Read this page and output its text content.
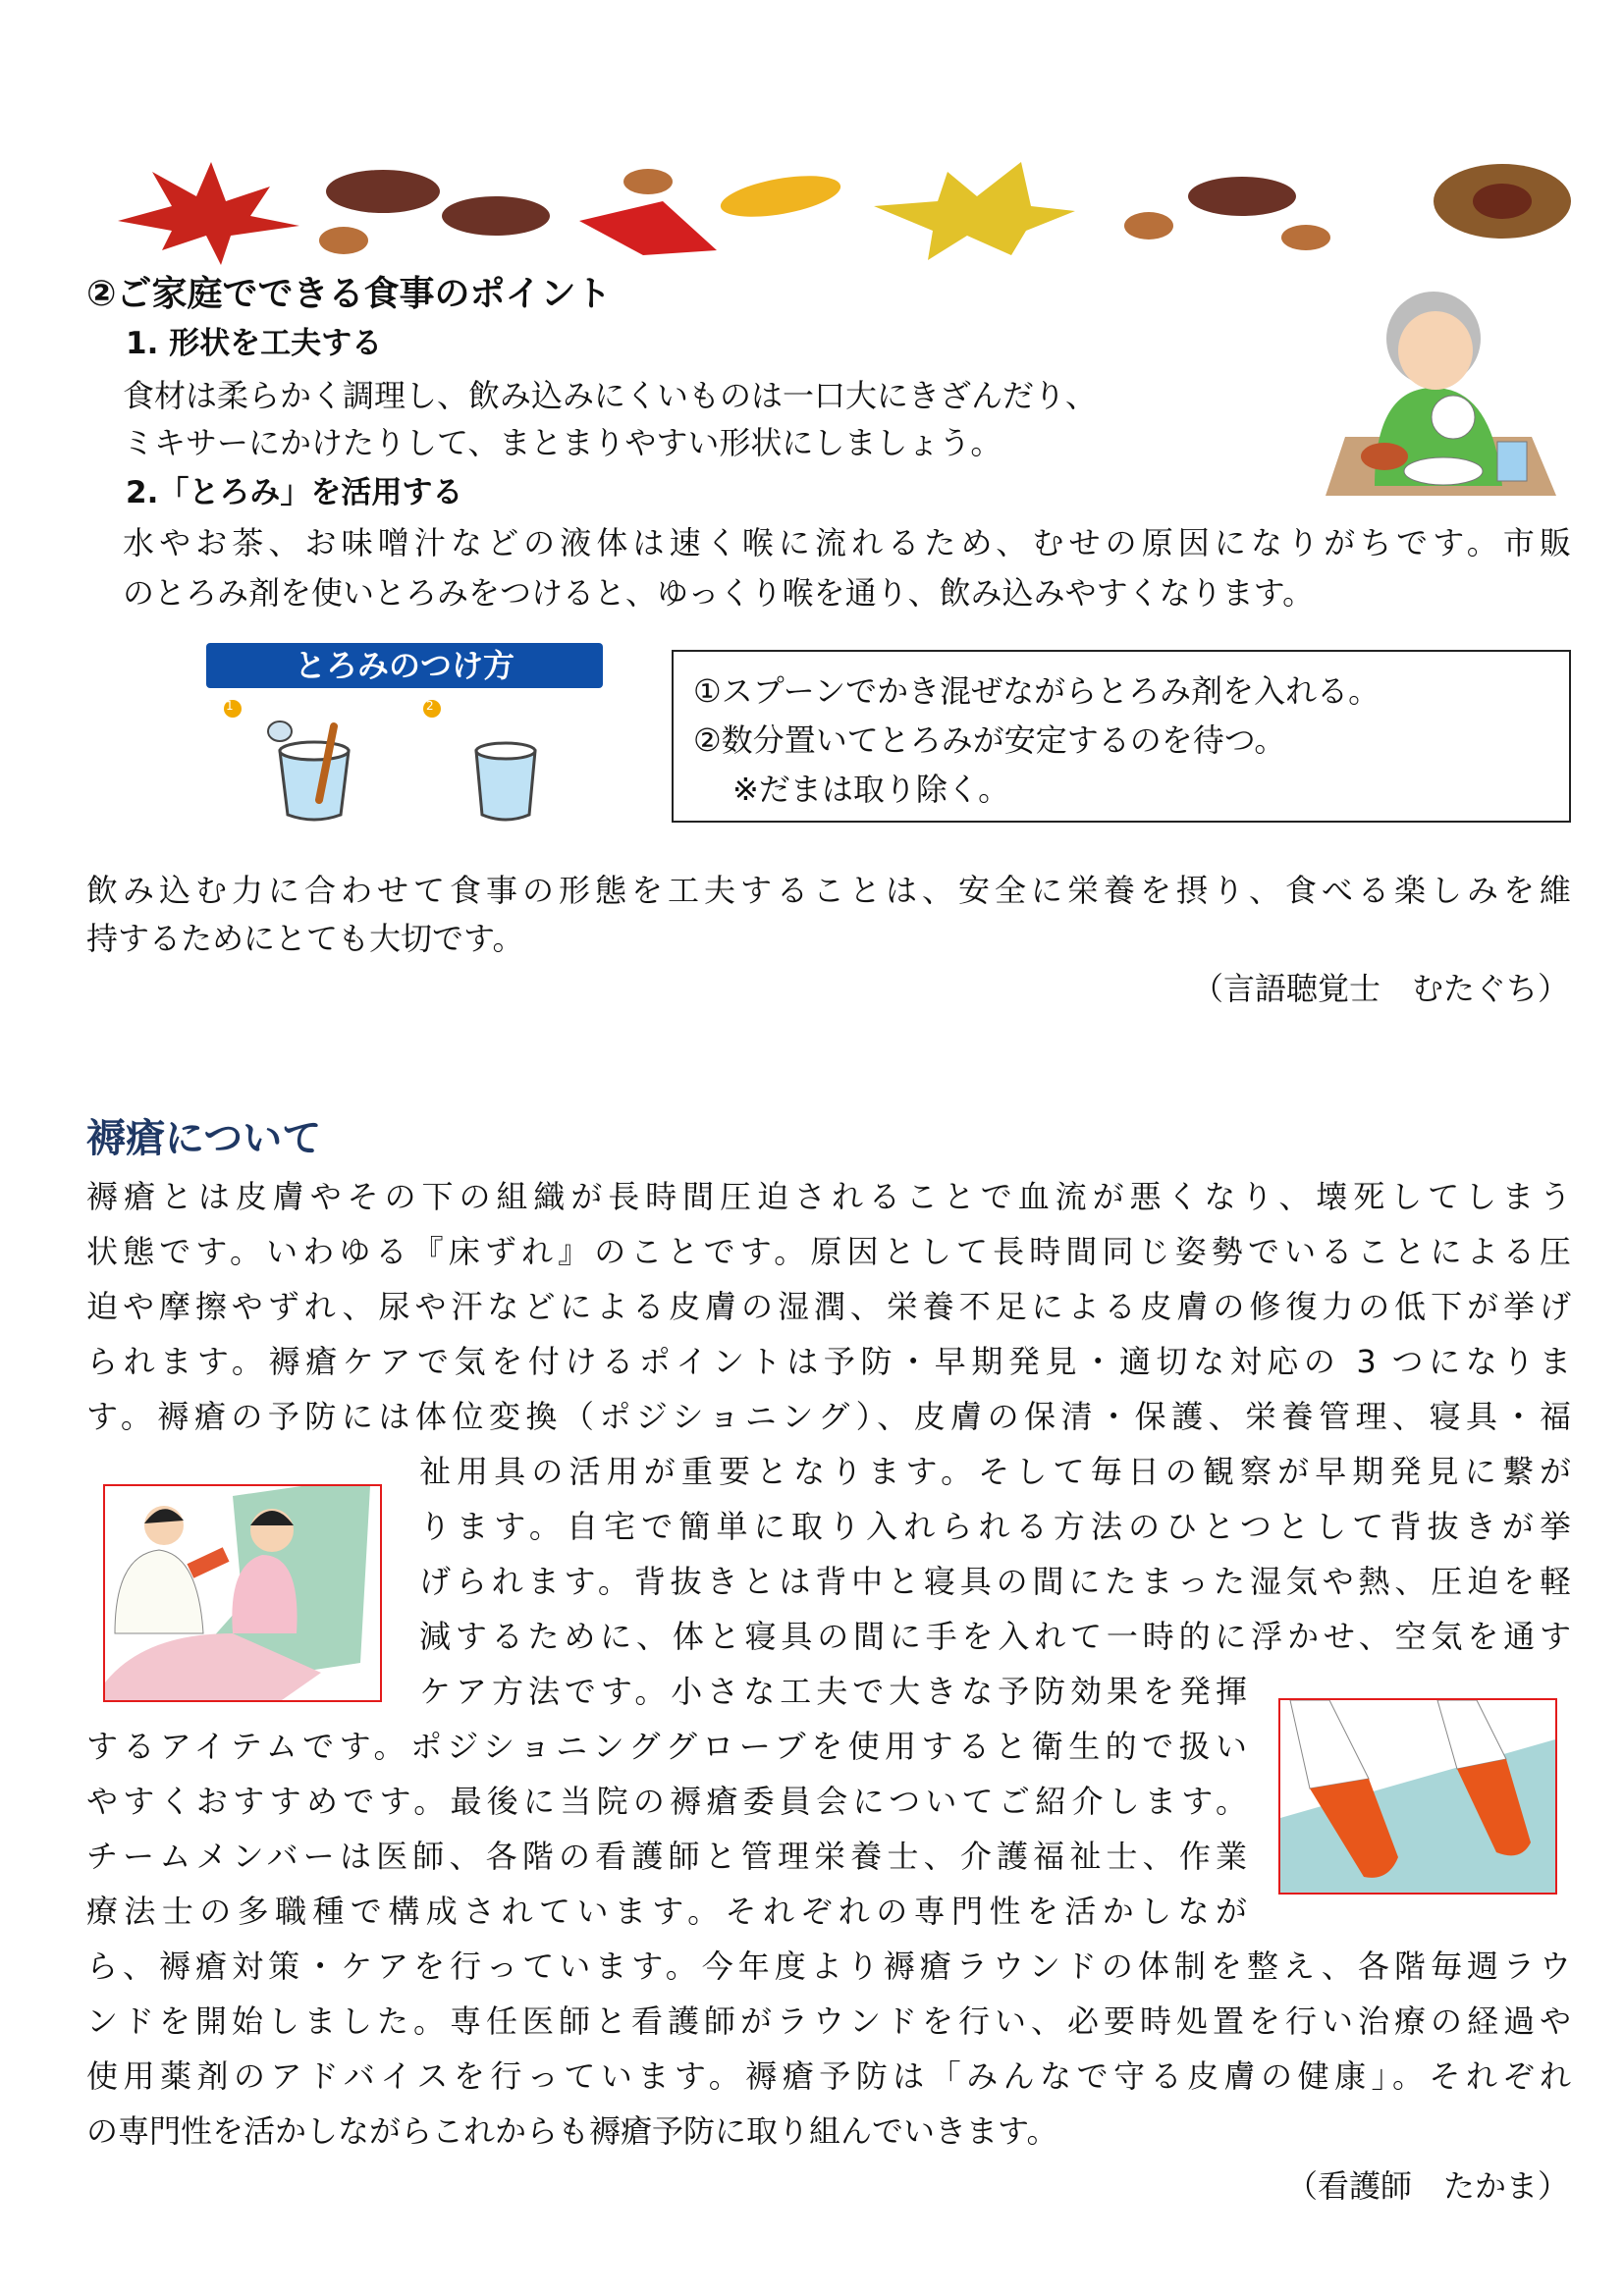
②ご家庭でできる食事のポイント
1. 形状を工夫する
食材は柔らかく調理し、飲み込みにくいものは一口大にきざんだり、
ミキサーにかけたりして、まとまりやすい形状にしましょう。
2.「とろみ」を活用する
水やお茶、お味噌汁などの液体は速く喉に流れるため、むせの原因になりがちです。市販
のとろみ剤を使いとろみをつけると、ゆっくり喉を通り、飲み込みやすくなります。
とろみのつけ方
1	2	①スプーンでかき混ぜながらとろみ剤を入れる。
②数分置いてとろみが安定するのを待つ。
※だまは取り除く。
飲み込む力に合わせて食事の形態を工夫することは、安全に栄養を摂り、食べる楽しみを維
持するためにとても大切です。
（言語聴覚士　むたぐち）
褥瘡について
褥瘡とは皮膚やその下の組織が長時間圧迫されることで血流が悪くなり、壊死してしまう
状態です。いわゆる『床ずれ』のことです。原因として長時間同じ姿勢でいることによる圧
迫や摩擦やずれ、尿や汗などによる皮膚の湿潤、栄養不足による皮膚の修復力の低下が挙げ
られます。褥瘡ケアで気を付けるポイントは予防・早期発見・適切な対応の 3 つになりま
す。褥瘡の予防には体位変換（ポジショニング）、皮膚の保清・保護、栄養管理、寝具・福
祉用具の活用が重要となります。そして毎日の観察が早期発見に繋が
ります。自宅で簡単に取り入れられる方法のひとつとして背抜きが挙
げられます。背抜きとは背中と寝具の間にたまった湿気や熱、圧迫を軽
減するために、体と寝具の間に手を入れて一時的に浮かせ、空気を通す
ケア方法です。小さな工夫で大きな予防効果を発揮
するアイテムです。ポジショニンググローブを使用すると衛生的で扱い
やすくおすすめです。最後に当院の褥瘡委員会についてご紹介します。
チームメンバーは医師、各階の看護師と管理栄養士、介護福祉士、作業
療法士の多職種で構成されています。それぞれの専門性を活かしなが
ら、褥瘡対策・ケアを行っています。今年度より褥瘡ラウンドの体制を整え、各階毎週ラウ
ンドを開始しました。専任医師と看護師がラウンドを行い、必要時処置を行い治療の経過や
使用薬剤のアドバイスを行っています。褥瘡予防は「みんなで守る皮膚の健康」。それぞれ
の専門性を活かしながらこれからも褥瘡予防に取り組んでいきます。
（看護師　たかま）
